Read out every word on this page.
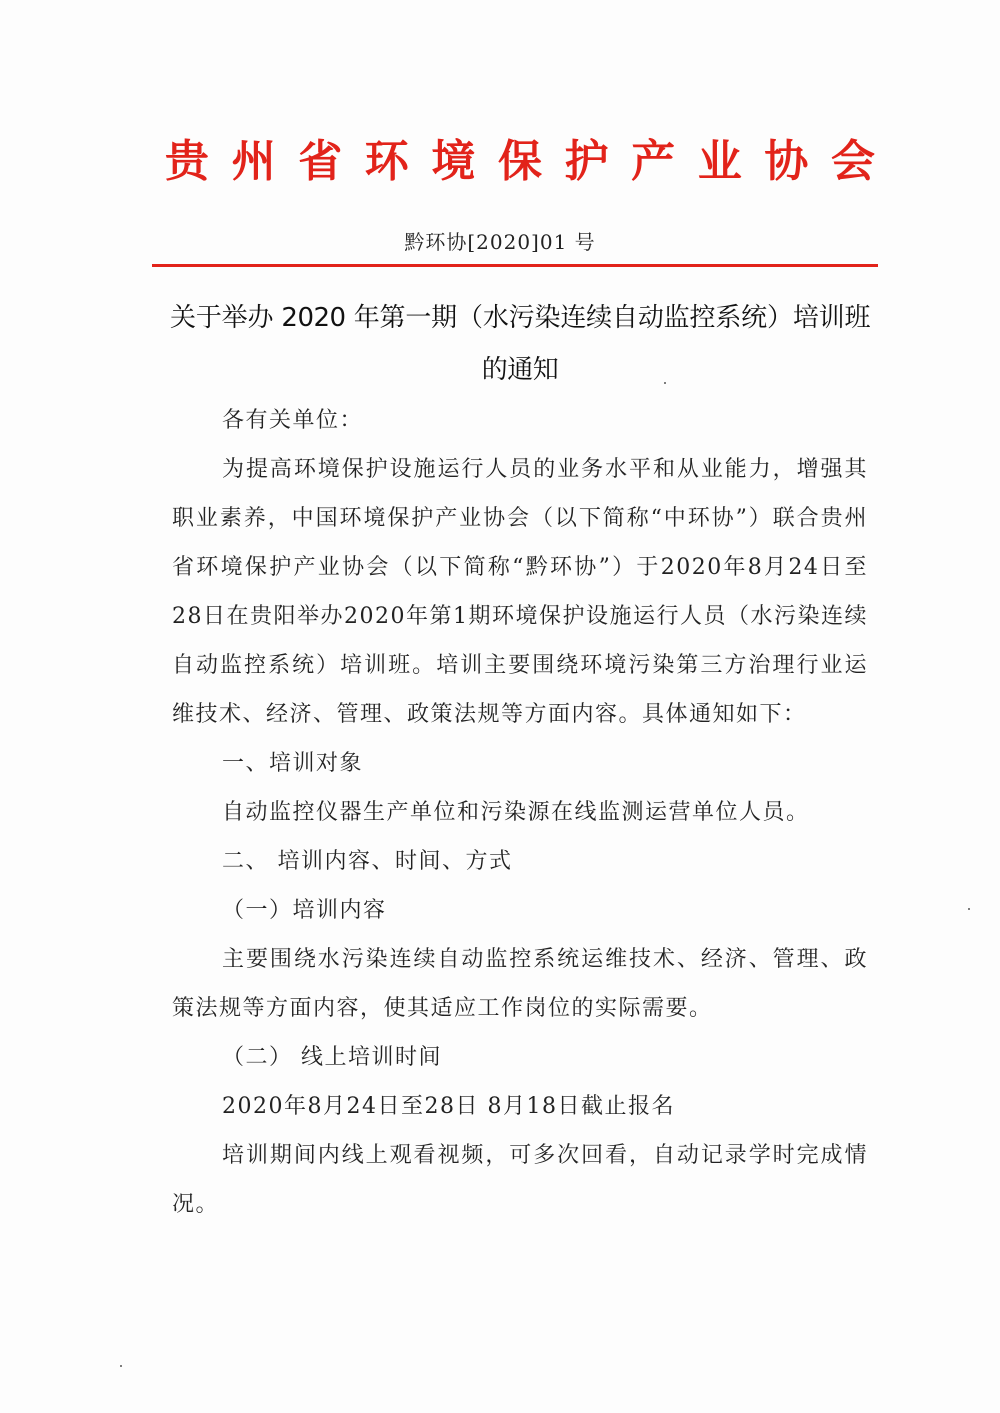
贵 州 省 环 境 保 护 产 业 协 会
黔环协[2020]01 号
关于举办 2020 年第一期（水污染连续自动监控系统）培训班的通知

各有关单位：

为提高环境保护设施运行人员的业务水平和从业能力，增强其职业素养，中国环境保护产业协会（以下简称“中环协”）联合贵州省环境保护产业协会（以下简称“黔环协”）于2020年8月24日至28日在贵阳举办2020年第1期环境保护设施运行人员（水污染连续自动监控系统）培训班。培训主要围绕环境污染第三方治理行业运维技术、经济、管理、政策法规等方面内容。具体通知如下：

一、培训对象

自动监控仪器生产单位和污染源在线监测运营单位人员。

二、 培训内容、时间、方式

（一）培训内容

主要围绕水污染连续自动监控系统运维技术、经济、管理、政策法规等方面内容，使其适应工作岗位的实际需要。

（二） 线上培训时间

2020年8月24日至28日 8月18日截止报名

培训期间内线上观看视频，可多次回看，自动记录学时完成情况。
